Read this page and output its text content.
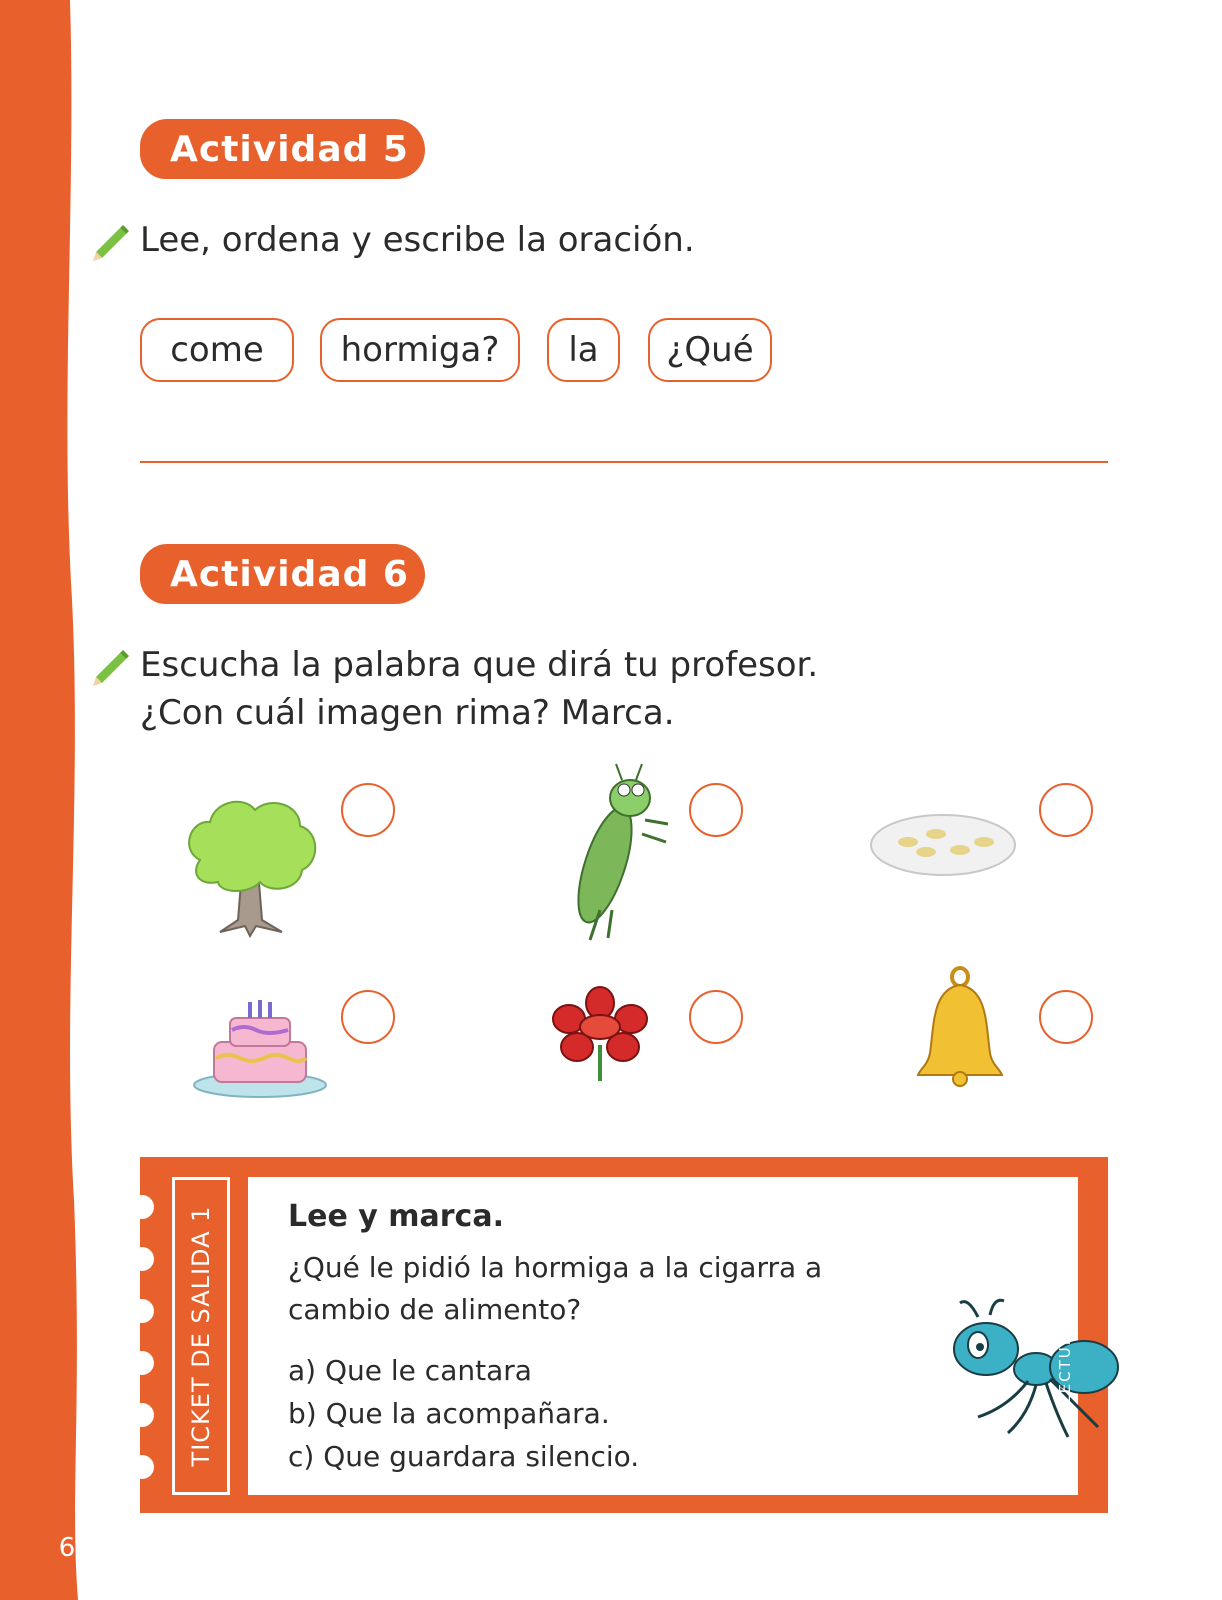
6
Actividad 5
Lee, ordena y escribe la oración.
come	hormiga?	la	¿Qué
Actividad 6
Escucha la palabra que dirá tu profesor.
¿Con cuál imagen rima? Marca.
TICKET DE SALIDA 1 Lee y marca.
¿Qué le pidió la hormiga a la cigarra a cambio de alimento?
a) Que le cantara
b) Que la acompañara.
c) Que guardara silencio.
LECTURA OA 3
